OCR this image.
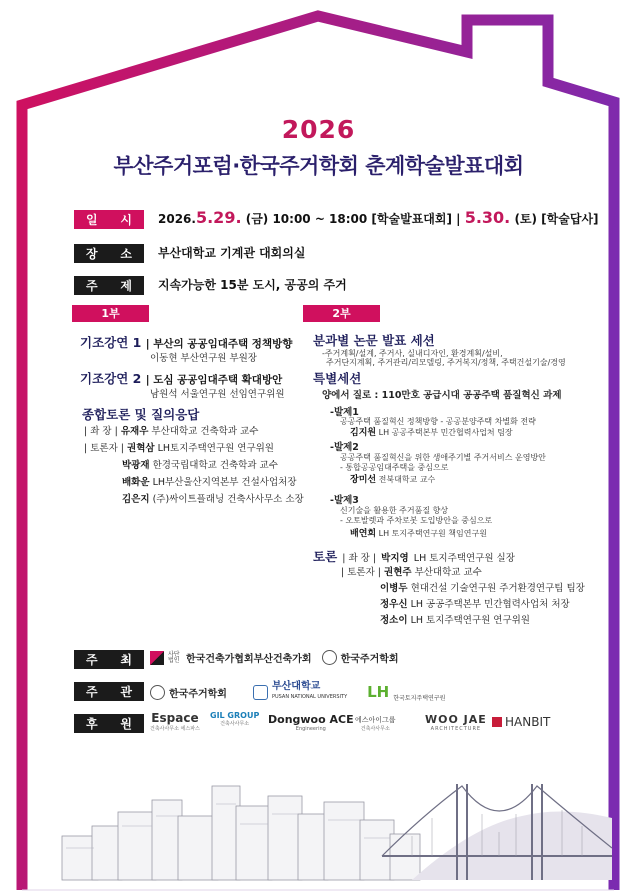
2026
부산주거포럼·한국주거학회 춘계학술발표대회
일 시 2026.5.29. (금) 10:00 ~ 18:00 [학술발표대회] | 5.30. (토) [학술답사]
장 소 부산대학교 기계관 대회의실
주 제 지속가능한 15분 도시, 공공의 주거
1부
기조강연 1 | 부산의 공공임대주택 정책방향
이동현 부산연구원 부원장
기조강연 2 | 도심 공공임대주택 확대방안
남원석 서울연구원 선임연구위원
종합토론 및 질의응답
| 좌 장 | 유재우 부산대학교 건축학과 교수
| 토론자 | 권혁삼 LH토지주택연구원 연구위원
박광재 한경국립대학교 건축학과 교수
배화운 LH부산울산지역본부 건설사업처장
김은지 (주)싸이트플래닝 건축사사무소 소장
2부
분과별 논문 발표 세션
-주거계획/설계, 주거사, 실내디자인, 환경계획/설비,
주거단지계획, 주거관리/리모델링, 주거복지/정책, 주택건설기술/경영
특별세션
양에서 질로 : 110만호 공급시대 공공주택 품질혁신 과제
-발제1
공공주택 품질혁신 정책방향 - 공공분양주택 차별화 전략
김지원 LH 공공주택본부 민간협력사업처 팀장
-발제2
공공주택 품질혁신을 위한 생애주기별 주거서비스 운영방안
- 통합공공임대주택을 중심으로
장미선 전북대학교 교수
-발제3
신기술을 활용한 주거품질 향상
- 오토발렛과 주차로봇 도입방안을 중심으로
배연희 LH 토지주택연구원 책임연구원
토론 | 좌 장 | 박지영 LH 토지주택연구원 실장
| 토론자 | 권현주 부산대학교 교수
이병두 현대건설 기술연구원 주거환경연구팀 팀장
정우신 LH 공공주택본부 민간협력사업처 처장
정소이 LH 토지주택연구원 연구위원
주 최	사단 법인 한국건축가협회부산건축가회	한국주거학회
주 관	한국주거학회
부산대학교
PUSAN NATIONAL UNIVERSITY LH 한국토지주택연구원
후 원 Espace
건축사사무소 에스파스
GIL GROUP
건축사사무소	Dongwoo ACE
Engineering
에스아이그룹
건축사사무소
WOO JAE
ARCHITECTURE	HANBIT
